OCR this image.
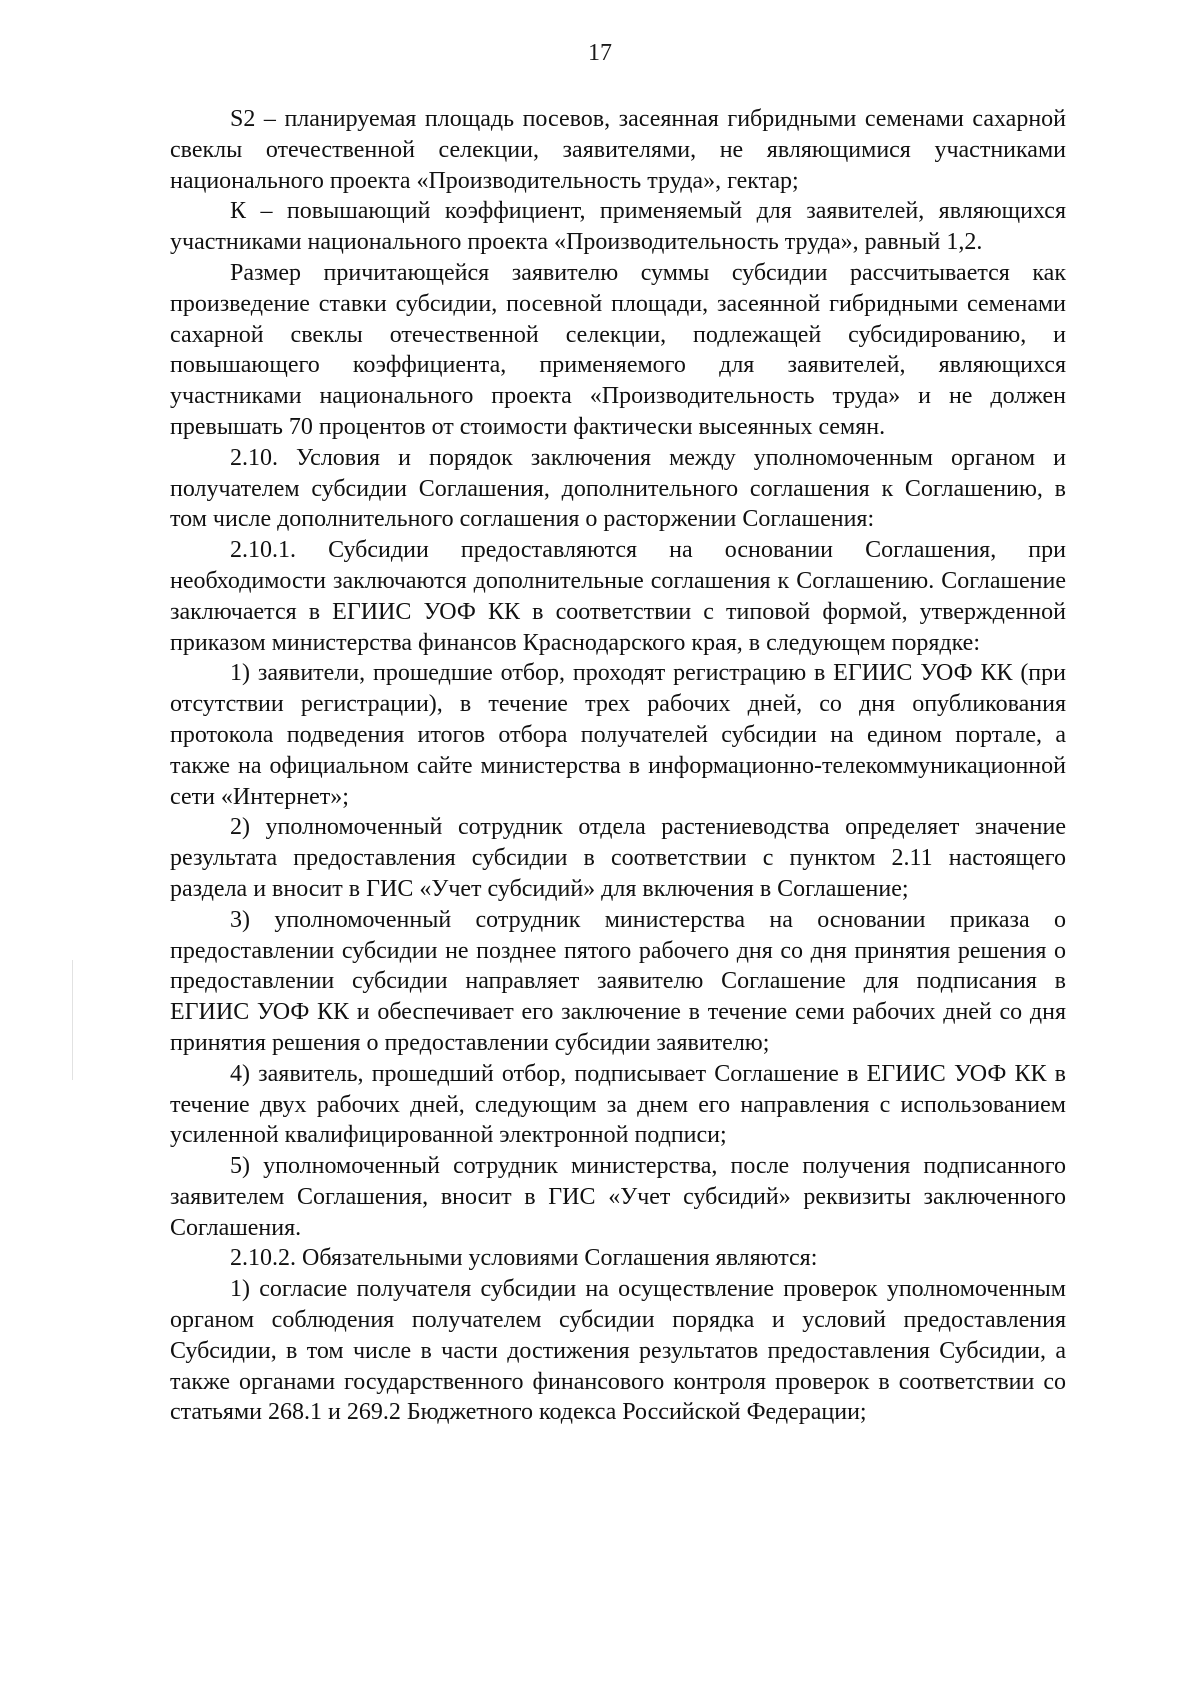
17

S2 – планируемая площадь посевов, засеянная гибридными семенами сахарной свеклы отечественной селекции, заявителями, не являющимися участниками национального проекта «Производительность труда», гектар;

К – повышающий коэффициент, применяемый для заявителей, являющихся участниками национального проекта «Производительность труда», равный 1,2.

Размер причитающейся заявителю суммы субсидии рассчитывается как произведение ставки субсидии, посевной площади, засеянной гибридными семенами сахарной свеклы отечественной селекции, подлежащей субсидированию, и повышающего коэффициента, применяемого для заявителей, являющихся участниками национального проекта «Производительность труда» и не должен превышать 70 процентов от стоимости фактически высеянных семян.

2.10. Условия и порядок заключения между уполномоченным органом и получателем субсидии Соглашения, дополнительного соглашения к Соглашению, в том числе дополнительного соглашения о расторжении Соглашения:

2.10.1. Субсидии предоставляются на основании Соглашения, при необходимости заключаются дополнительные соглашения к Соглашению. Соглашение заключается в ЕГИИС УОФ КК в соответствии с типовой формой, утвержденной приказом министерства финансов Краснодарского края, в следующем порядке:

1) заявители, прошедшие отбор, проходят регистрацию в ЕГИИС УОФ КК (при отсутствии регистрации), в течение трех рабочих дней, со дня опубликования протокола подведения итогов отбора получателей субсидии на едином портале, а также на официальном сайте министерства в информационно-телекоммуникационной сети «Интернет»;

2) уполномоченный сотрудник отдела растениеводства определяет значение результата предоставления субсидии в соответствии с пунктом 2.11 настоящего раздела и вносит в ГИС «Учет субсидий» для включения в Соглашение;

3) уполномоченный сотрудник министерства на основании приказа о предоставлении субсидии не позднее пятого рабочего дня со дня принятия решения о предоставлении субсидии направляет заявителю Соглашение для подписания в ЕГИИС УОФ КК и обеспечивает его заключение в течение семи рабочих дней со дня принятия решения о предоставлении субсидии заявителю;

4) заявитель, прошедший отбор, подписывает Соглашение в ЕГИИС УОФ КК в течение двух рабочих дней, следующим за днем его направления с использованием усиленной квалифицированной электронной подписи;

5) уполномоченный сотрудник министерства, после получения подписанного заявителем Соглашения, вносит в ГИС «Учет субсидий» реквизиты заключенного Соглашения.

2.10.2. Обязательными условиями Соглашения являются:

1) согласие получателя субсидии на осуществление проверок уполномоченным органом соблюдения получателем субсидии порядка и условий предоставления Субсидии, в том числе в части достижения результатов предоставления Субсидии, а также органами государственного финансового контроля проверок в соответствии со статьями 268.1 и 269.2 Бюджетного кодекса Российской Федерации;
